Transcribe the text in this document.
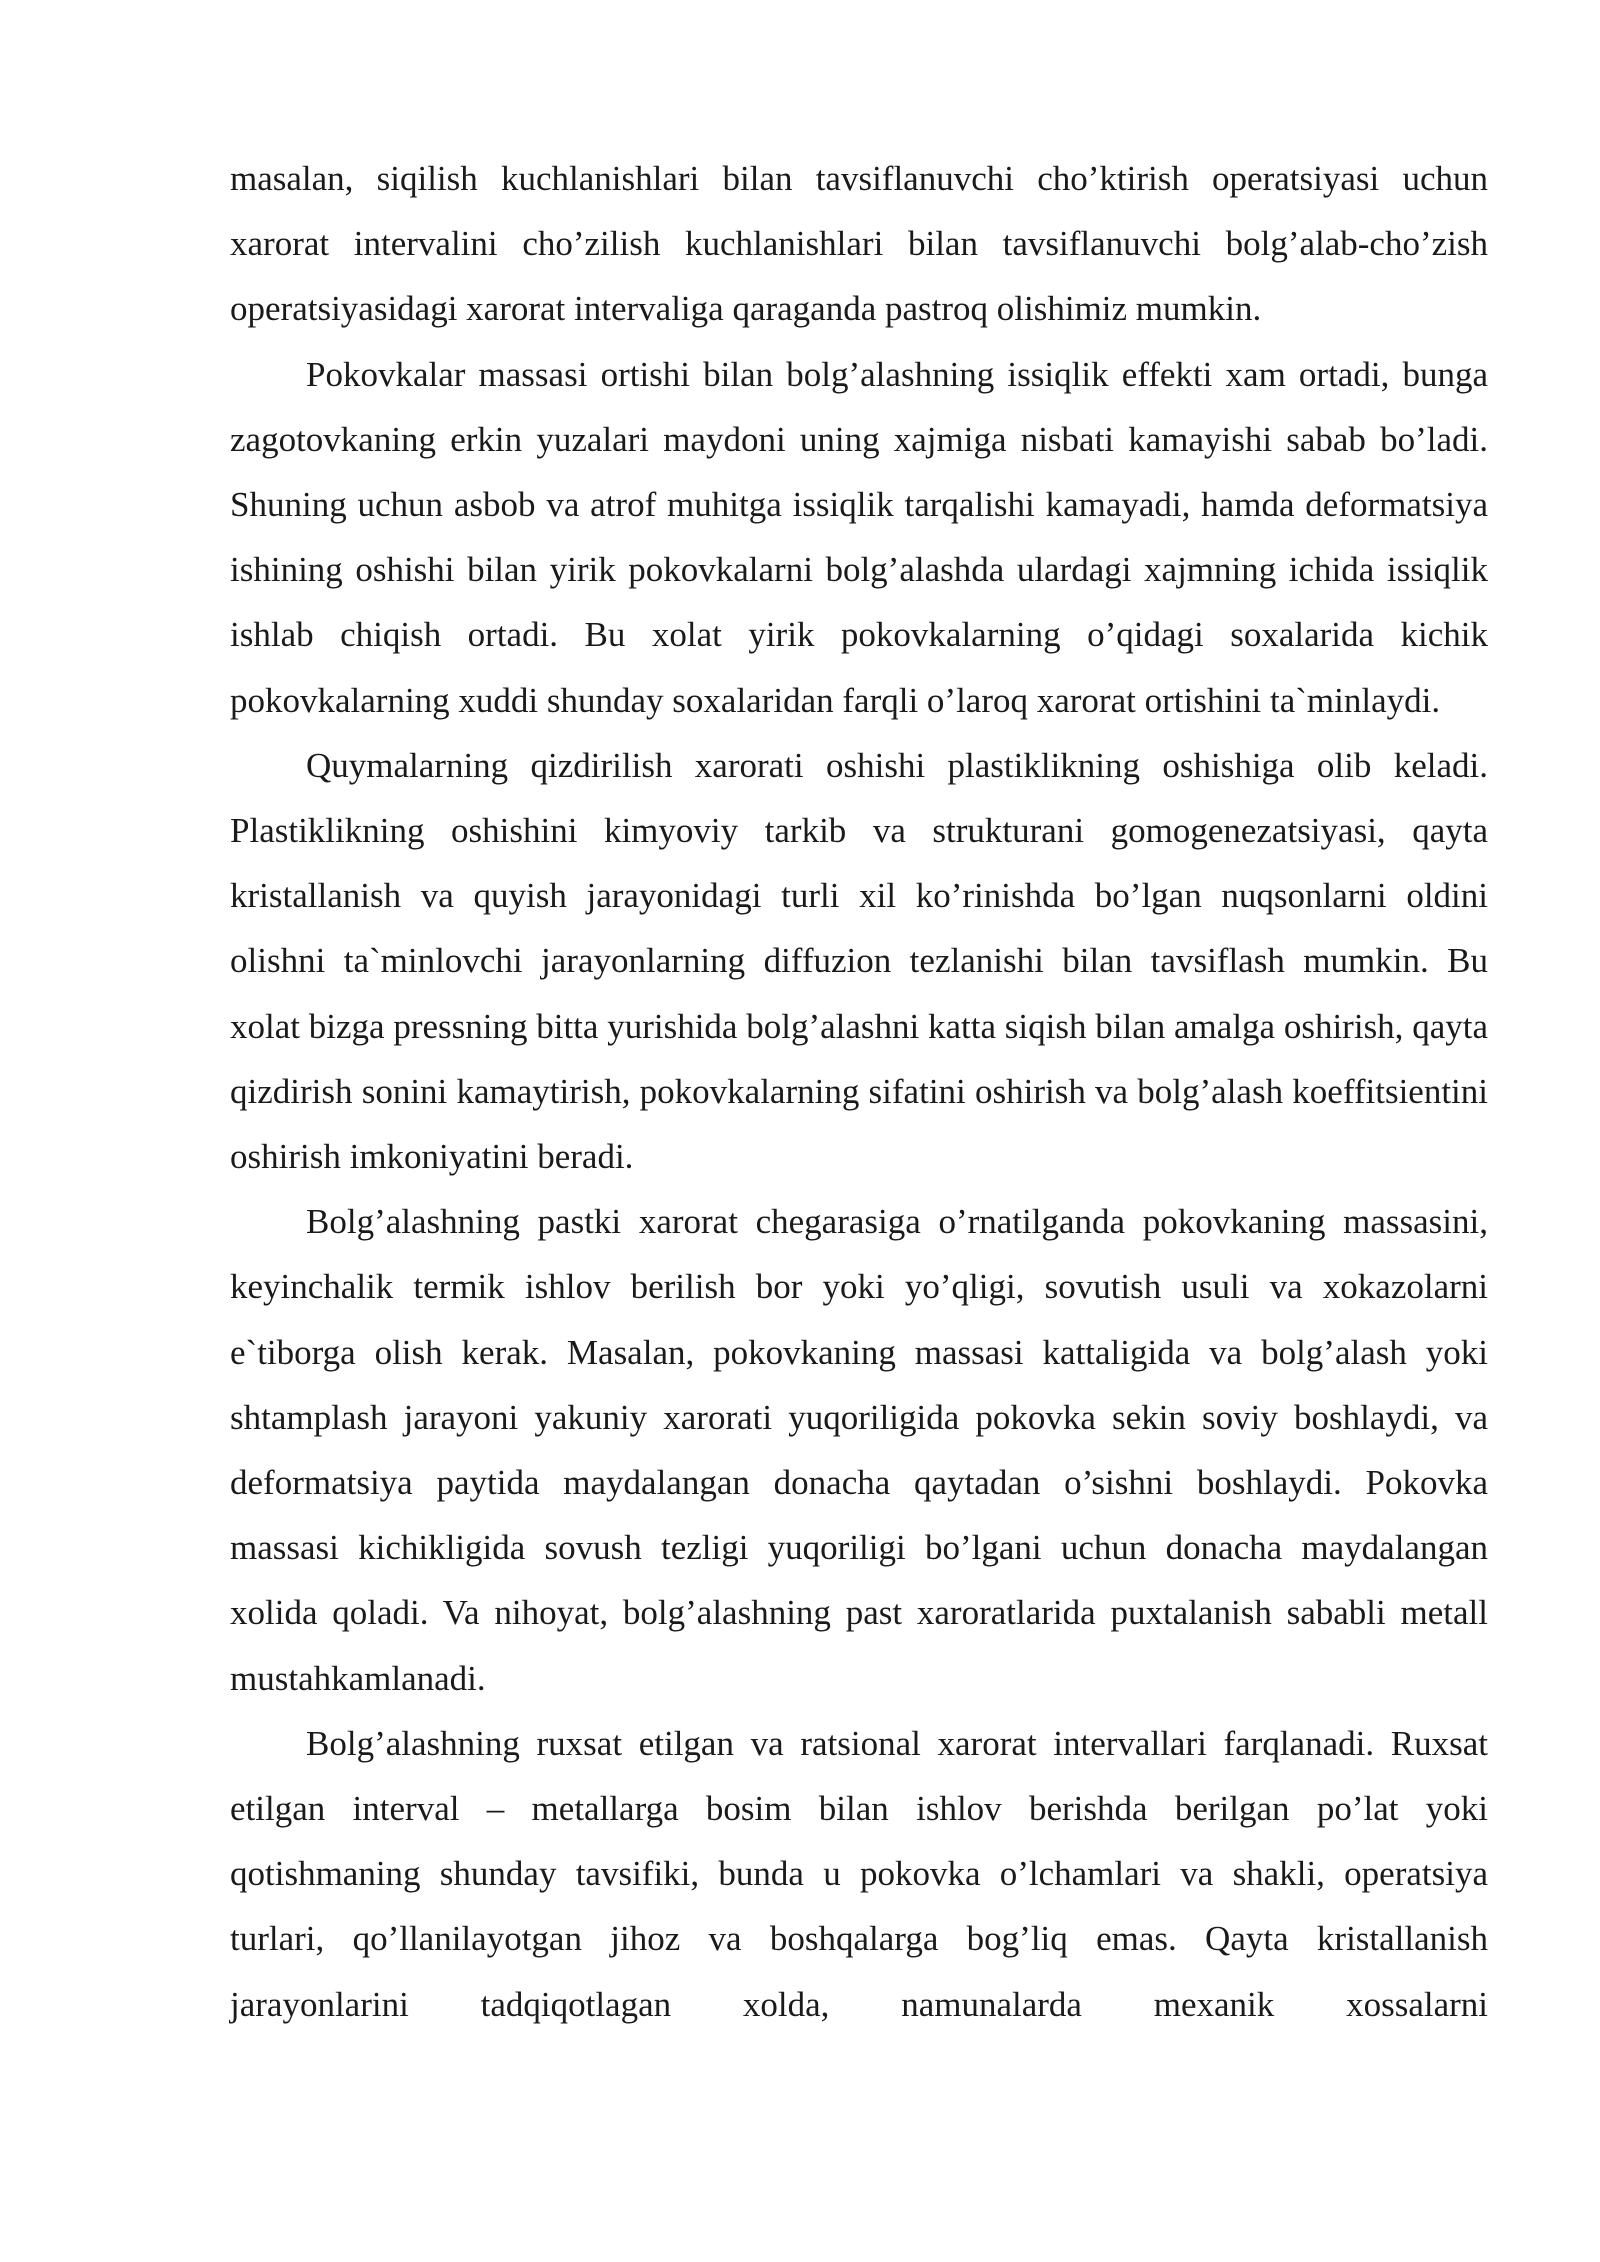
masalan, siqilish kuchlanishlari bilan tavsiflanuvchi cho’ktirish operatsiyasi uchun xarorat intervalini cho’zilish kuchlanishlari bilan tavsiflanuvchi bolg’alab-cho’zish operatsiyasidagi xarorat intervaliga qaraganda pastroq olishimiz mumkin.

Pokovkalar massasi ortishi bilan bolg’alashning issiqlik effekti xam ortadi, bunga zagotovkaning erkin yuzalari maydoni uning xajmiga nisbati kamayishi sabab bo’ladi. Shuning uchun asbob va atrof muhitga issiqlik tarqalishi kamayadi, hamda deformatsiya ishining oshishi bilan yirik pokovkalarni bolg’alashda ulardagi xajmning ichida issiqlik ishlab chiqish ortadi. Bu xolat yirik pokovkalarning o’qidagi soxalarida kichik pokovkalarning xuddi shunday soxalaridan farqli o’laroq xarorat ortishini ta`minlaydi.

Quymalarning qizdirilish xarorati oshishi plastiklikning oshishiga olib keladi. Plastiklikning oshishini kimyoviy tarkib va strukturani gomogenezatsiyasi, qayta kristallanish va quyish jarayonidagi turli xil ko’rinishda bo’lgan nuqsonlarni oldini olishni ta`minlovchi jarayonlarning diffuzion tezlanishi bilan tavsiflash mumkin. Bu xolat bizga pressning bitta yurishida bolg’alashni katta siqish bilan amalga oshirish, qayta qizdirish sonini kamaytirish, pokovkalarning sifatini oshirish va bolg’alash koeffitsientini oshirish imkoniyatini beradi.

Bolg’alashning pastki xarorat chegarasiga o’rnatilganda pokovkaning massasini, keyinchalik termik ishlov berilish bor yoki yo’qligi, sovutish usuli va xokazolarni e`tiborga olish kerak. Masalan, pokovkaning massasi kattaligida va bolg’alash yoki shtamplash jarayoni yakuniy xarorati yuqoriligida pokovka sekin soviy boshlaydi, va deformatsiya paytida maydalangan donacha qaytadan o’sishni boshlaydi. Pokovka massasi kichikligida sovush tezligi yuqoriligi bo’lgani uchun donacha maydalangan xolida qoladi. Va nihoyat, bolg’alashning past xaroratlarida puxtalanish sababli metall mustahkamlanadi.

Bolg’alashning ruxsat etilgan va ratsional xarorat intervallari farqlanadi. Ruxsat etilgan interval – metallarga bosim bilan ishlov berishda berilgan po’lat yoki qotishmaning shunday tavsifiki, bunda u pokovka o’lchamlari va shakli, operatsiya turlari, qo’llanilayotgan jihoz va boshqalarga bog’liq emas. Qayta kristallanish jarayonlarini tadqiqotlagan xolda, namunalarda mexanik xossalarni
